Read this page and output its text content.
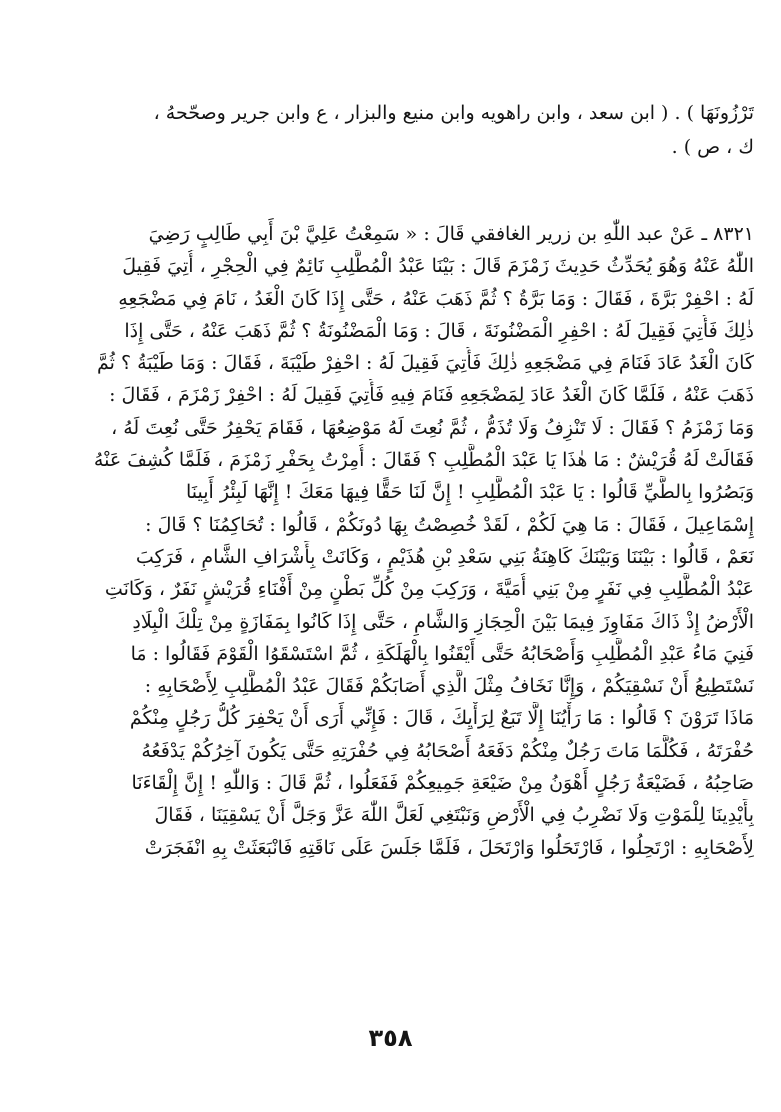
تَرْزُونَهَا ) . ( ابن سعد ، وابن راهويه وابن منيع والبزار ، ع وابن جرير وصحّحهُ ،
ك ، ص ) .
٨٣٢١ ـ عَنْ عبد اللّٰهِ بن زرير الغافقي قَالَ : « سَمِعْتُ عَلِيَّ بْنَ أَبِي طَالِبٍ رَضِيَ
اللّٰهُ عَنْهُ وَهُوَ يُحَدِّثُ حَدِيثَ زَمْزَمَ قَالَ : بَيْنَا عَبْدُ الْمُطَّلِبِ نَائِمٌ فِي الْحِجْرِ ، أُتِيَ فَقِيلَ
لَهُ : احْفِرْ بَرَّةَ ، فَقَالَ : وَمَا بَرَّةُ ؟ ثُمَّ ذَهَبَ عَنْهُ ، حَتَّى إِذَا كَانَ الْغَدُ ، نَامَ فِي مَضْجَعِهِ
ذٰلِكَ فَأُتِيَ فَقِيلَ لَهُ : احْفِرِ الْمَضْنُونَةَ ، قَالَ : وَمَا الْمَضْنُونَةُ ؟ ثُمَّ ذَهَبَ عَنْهُ ، حَتَّى إِذَا
كَانَ الْغَدُ عَادَ فَنَامَ فِي مَضْجَعِهِ ذٰلِكَ فَأُتِيَ فَقِيلَ لَهُ : احْفِرْ طَيْبَةَ ، فَقَالَ : وَمَا طَيْبَةُ ؟ ثُمَّ
ذَهَبَ عَنْهُ ، فَلَمَّا كَانَ الْغَدُ عَادَ لِمَضْجَعِهِ فَنَامَ فِيهِ فَأُتِيَ فَقِيلَ لَهُ : احْفِرْ زَمْزَمَ ، فَقَالَ :
وَمَا زَمْزَمُ ؟ فَقَالَ : لَا تَنْزِفُ وَلَا تُذَمُّ ، ثُمَّ نُعِتَ لَهُ مَوْضِعُهَا ، فَقَامَ يَحْفِرُ حَتَّى نُعِتَ لَهُ ،
فَقَالَتْ لَهُ قُرَيْشٌ : مَا هٰذَا يَا عَبْدَ الْمُطَّلِبِ ؟ فَقَالَ : أُمِرْتُ بِحَفْرِ زَمْزَمَ ، فَلَمَّا كُشِفَ عَنْهُ
وَبَصُرُوا بِالطَّيِّ قَالُوا : يَا عَبْدَ الْمُطَّلِبِ ! إِنَّ لَنَا حَقًّا فِيهَا مَعَكَ ! إِنَّهَا لَبِئْرُ أَبِينَا
إِسْمَاعِيلَ ، فَقَالَ : مَا هِيَ لَكُمْ ، لَقَدْ خُصِصْتُ بِهَا دُونَكُمْ ، قَالُوا : تُحَاكِمُنَا ؟ قَالَ :
نَعَمْ ، قَالُوا : بَيْنَنَا وَبَيْنَكَ كَاهِنَةُ بَنِي سَعْدِ بْنِ هُذَيْمٍ ، وَكَانَتْ بِأَشْرَافِ الشَّامِ ، فَرَكِبَ
عَبْدُ الْمُطَّلِبِ فِي نَفَرٍ مِنْ بَنِي أُمَيَّةَ ، وَرَكِبَ مِنْ كُلِّ بَطْنٍ مِنْ أَفْنَاءِ قُرَيْشٍ نَفَرٌ ، وَكَانَتِ
الْأَرْضُ إِذْ ذَاكَ مَفَاوِزَ فِيمَا بَيْنَ الْحِجَازِ وَالشَّامِ ، حَتَّى إِذَا كَانُوا بِمَفَازَةٍ مِنْ تِلْكَ الْبِلَادِ
فَنِيَ مَاءُ عَبْدِ الْمُطَّلِبِ وَأَصْحَابُهُ حَتَّى أَيْقَنُوا بِالْهَلَكَةِ ، ثُمَّ اسْتَسْقَوُا الْقَوْمَ فَقَالُوا : مَا
نَسْتَطِيعُ أَنْ نَسْقِيَكُمْ ، وَإِنَّا نَخَافُ مِثْلَ الَّذِي أَصَابَكُمْ فَقَالَ عَبْدُ الْمُطَّلِبِ لِأَصْحَابِهِ :
مَاذَا تَرَوْنَ ؟ قَالُوا : مَا رَأْيُنَا إِلَّا تَبَعٌ لِرَأْيِكَ ، قَالَ : فَإِنِّي أَرَى أَنْ يَحْفِرَ كُلُّ رَجُلٍ مِنْكُمْ
حُفْرَتَهُ ، فَكُلَّمَا مَاتَ رَجُلٌ مِنْكُمْ دَفَعَهُ أَصْحَابُهُ فِي حُفْرَتِهِ حَتَّى يَكُونَ آخِرُكُمْ يَدْفَعُهُ
صَاحِبُهُ ، فَضَيْعَةُ رَجُلٍ أَهْوَنُ مِنْ ضَيْعَةِ جَمِيعِكُمْ فَفَعَلُوا ، ثُمَّ قَالَ : وَاللّٰهِ ! إِنَّ إِلْقَاءَنَا
بِأَيْدِينَا لِلْمَوْتِ وَلَا نَضْرِبُ فِي الْأَرْضِ وَنَبْتَغِي لَعَلَّ اللّٰهَ عَزَّ وَجَلَّ أَنْ يَسْقِيَنَا ، فَقَالَ
لِأَصْحَابِهِ : ارْتَحِلُوا ، فَارْتَحَلُوا وَارْتَحَلَ ، فَلَمَّا جَلَسَ عَلَى نَاقَتِهِ فَانْبَعَثَتْ بِهِ انْفَجَرَتْ
٣٥٨
